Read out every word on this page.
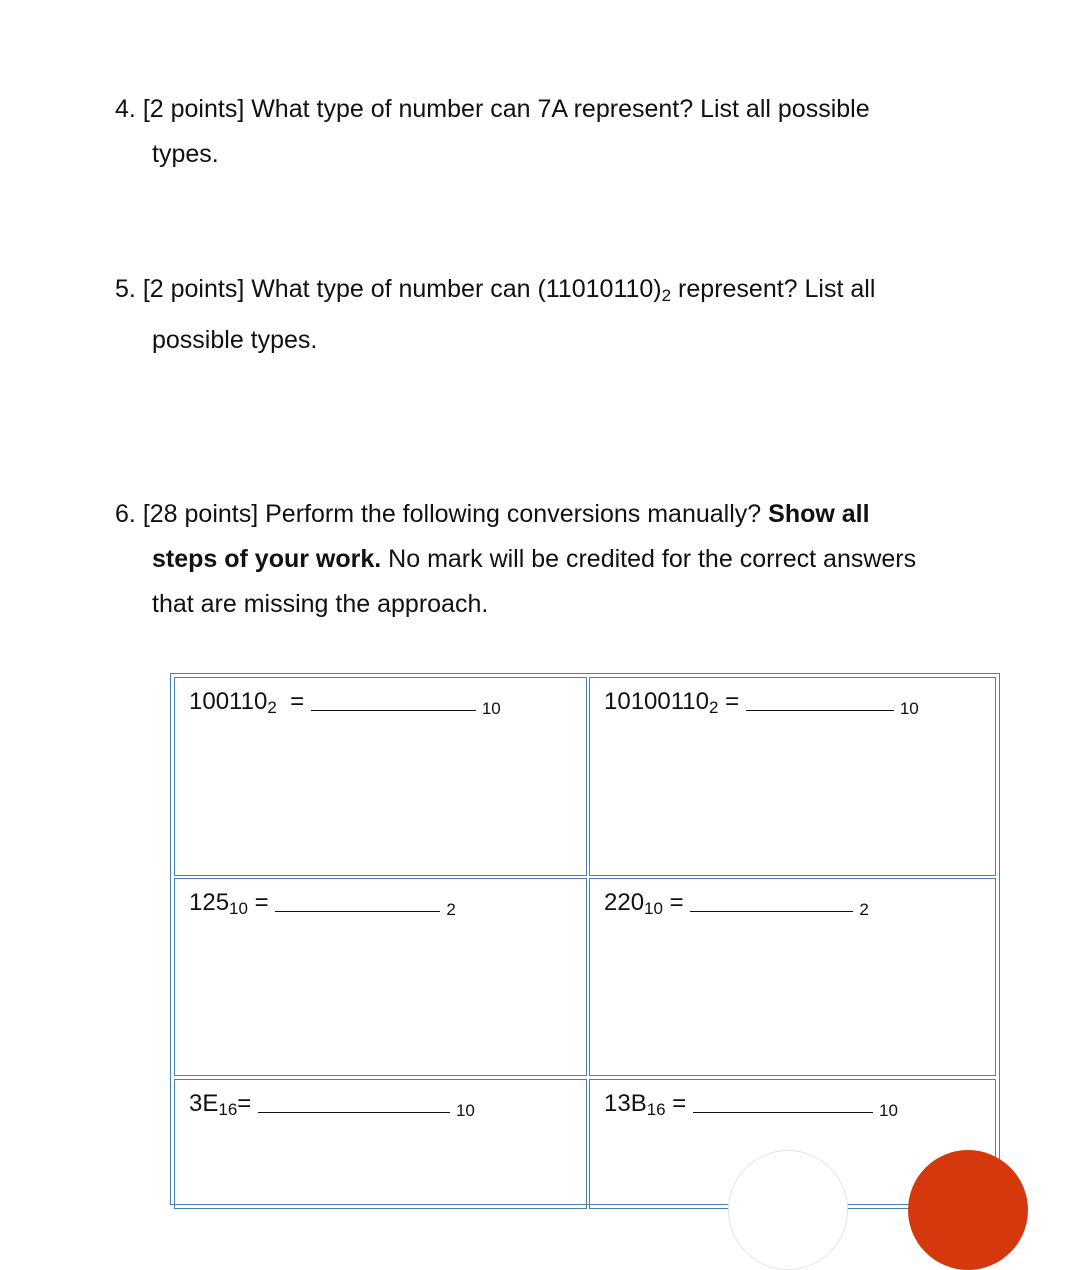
4. [2 points] What type of number can 7A represent? List all possible
types.
5. [2 points] What type of number can $(11010110)_2$ represent? List all
possible types.
6. [28 points] Perform the following conversions manually? Show all
steps of your work. No mark will be credited for the correct answers
that are missing the approach.
$100110_2$  =	$_{10}$	$10100110_2$ =	$_{10}$
$125_{10}$ =	$_2$	$220_{10}$ =	$_2$
$3E_{16}=$	$_{10}$	$13B_{16}$ =	$_{10}$
